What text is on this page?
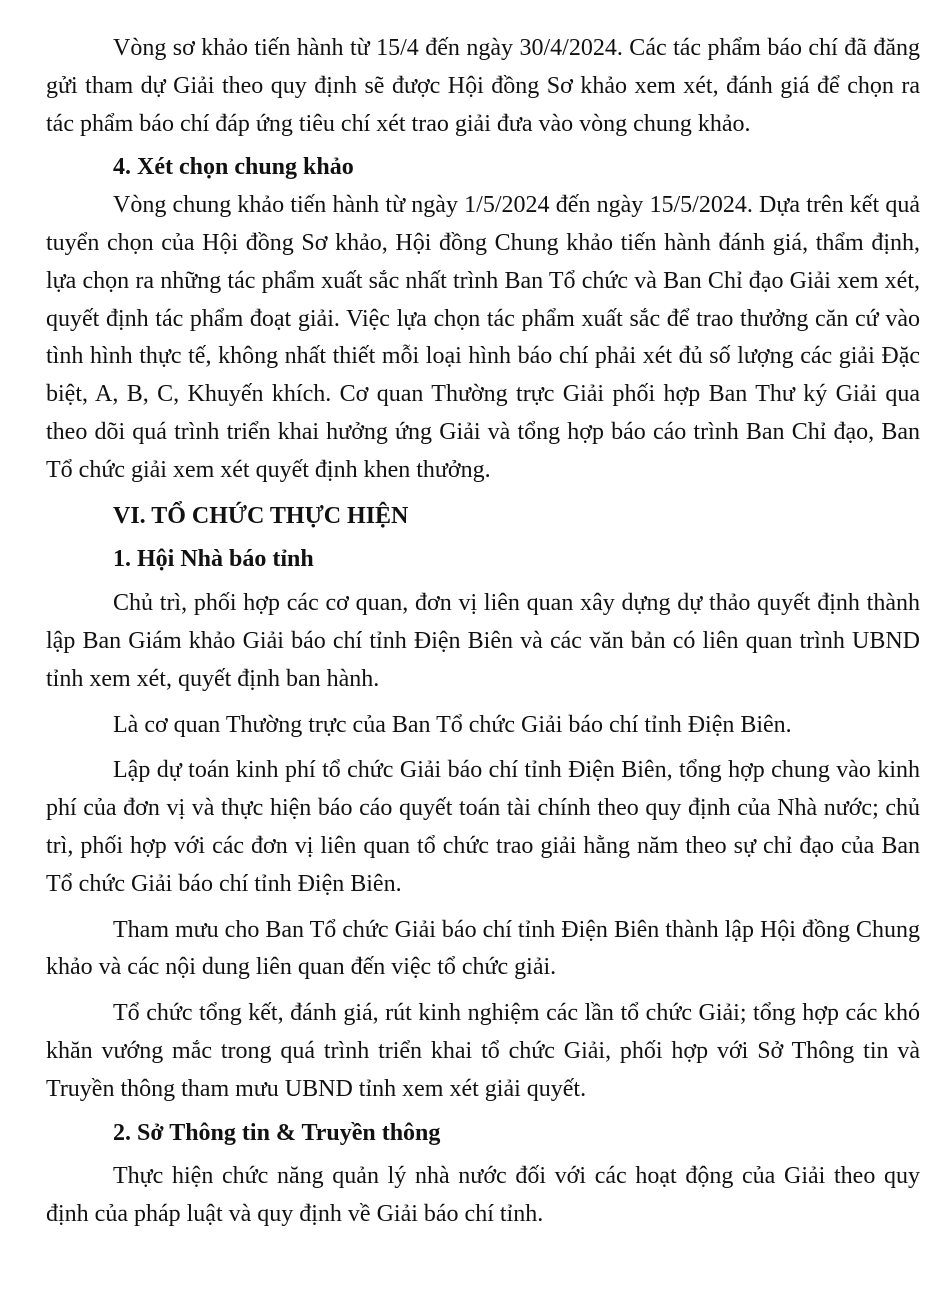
Vòng sơ khảo tiến hành từ 15/4 đến ngày 30/4/2024. Các tác phẩm báo chí đã đăng gửi tham dự Giải theo quy định sẽ được Hội đồng Sơ khảo xem xét, đánh giá để chọn ra tác phẩm báo chí đáp ứng tiêu chí xét trao giải đưa vào vòng chung khảo.

4. Xét chọn chung khảo

Vòng chung khảo tiến hành từ ngày 1/5/2024 đến ngày 15/5/2024. Dựa trên kết quả tuyển chọn của Hội đồng Sơ khảo, Hội đồng Chung khảo tiến hành đánh giá, thẩm định, lựa chọn ra những tác phẩm xuất sắc nhất trình Ban Tổ chức và Ban Chỉ đạo Giải xem xét, quyết định tác phẩm đoạt giải. Việc lựa chọn tác phẩm xuất sắc để trao thưởng căn cứ vào tình hình thực tế, không nhất thiết mỗi loại hình báo chí phải xét đủ số lượng các giải Đặc biệt, A, B, C, Khuyến khích. Cơ quan Thường trực Giải phối hợp Ban Thư ký Giải qua theo dõi quá trình triển khai hưởng ứng Giải và tổng hợp báo cáo trình Ban Chỉ đạo, Ban Tổ chức giải xem xét quyết định khen thưởng.

VI. TỔ CHỨC THỰC HIỆN

1. Hội Nhà báo tỉnh

Chủ trì, phối hợp các cơ quan, đơn vị liên quan xây dựng dự thảo quyết định thành lập Ban Giám khảo Giải báo chí tỉnh Điện Biên và các văn bản có liên quan trình UBND tỉnh xem xét, quyết định ban hành.

Là cơ quan Thường trực của Ban Tổ chức Giải báo chí tỉnh Điện Biên.

Lập dự toán kinh phí tổ chức Giải báo chí tỉnh Điện Biên, tổng hợp chung vào kinh phí của đơn vị và thực hiện báo cáo quyết toán tài chính theo quy định của Nhà nước; chủ trì, phối hợp với các đơn vị liên quan tổ chức trao giải hằng năm theo sự chỉ đạo của Ban Tổ chức Giải báo chí tỉnh Điện Biên.

Tham mưu cho Ban Tổ chức Giải báo chí tỉnh Điện Biên thành lập Hội đồng Chung khảo và các nội dung liên quan đến việc tổ chức giải.

Tổ chức tổng kết, đánh giá, rút kinh nghiệm các lần tổ chức Giải; tổng hợp các khó khăn vướng mắc trong quá trình triển khai tổ chức Giải, phối hợp với Sở Thông tin và Truyền thông tham mưu UBND tỉnh xem xét giải quyết.

2. Sở Thông tin & Truyền thông

Thực hiện chức năng quản lý nhà nước đối với các hoạt động của Giải theo quy định của pháp luật và quy định về Giải báo chí tỉnh.
